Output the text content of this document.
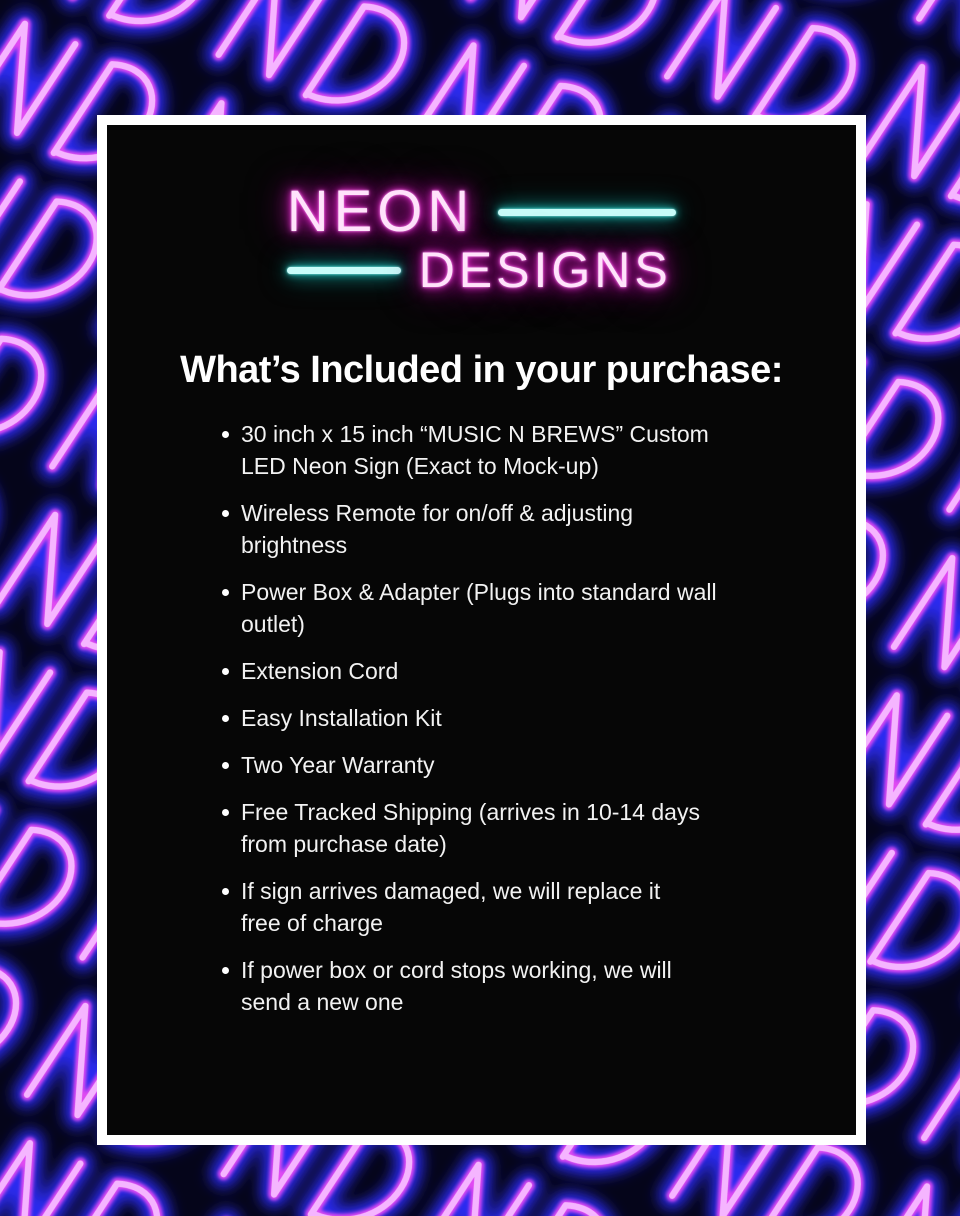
NEON
DESIGNS
What’s Included in your purchase:
30 inch x 15 inch “MUSIC N BREWS” Custom LED Neon Sign (Exact to Mock-up)
Wireless Remote for on/off & adjusting brightness
Power Box & Adapter (Plugs into standard wall outlet)
Extension Cord
Easy Installation Kit
Two Year Warranty
Free Tracked Shipping (arrives in 10-14 days from purchase date)
If sign arrives damaged, we will replace it free of charge
If power box or cord stops working, we will send a new one
